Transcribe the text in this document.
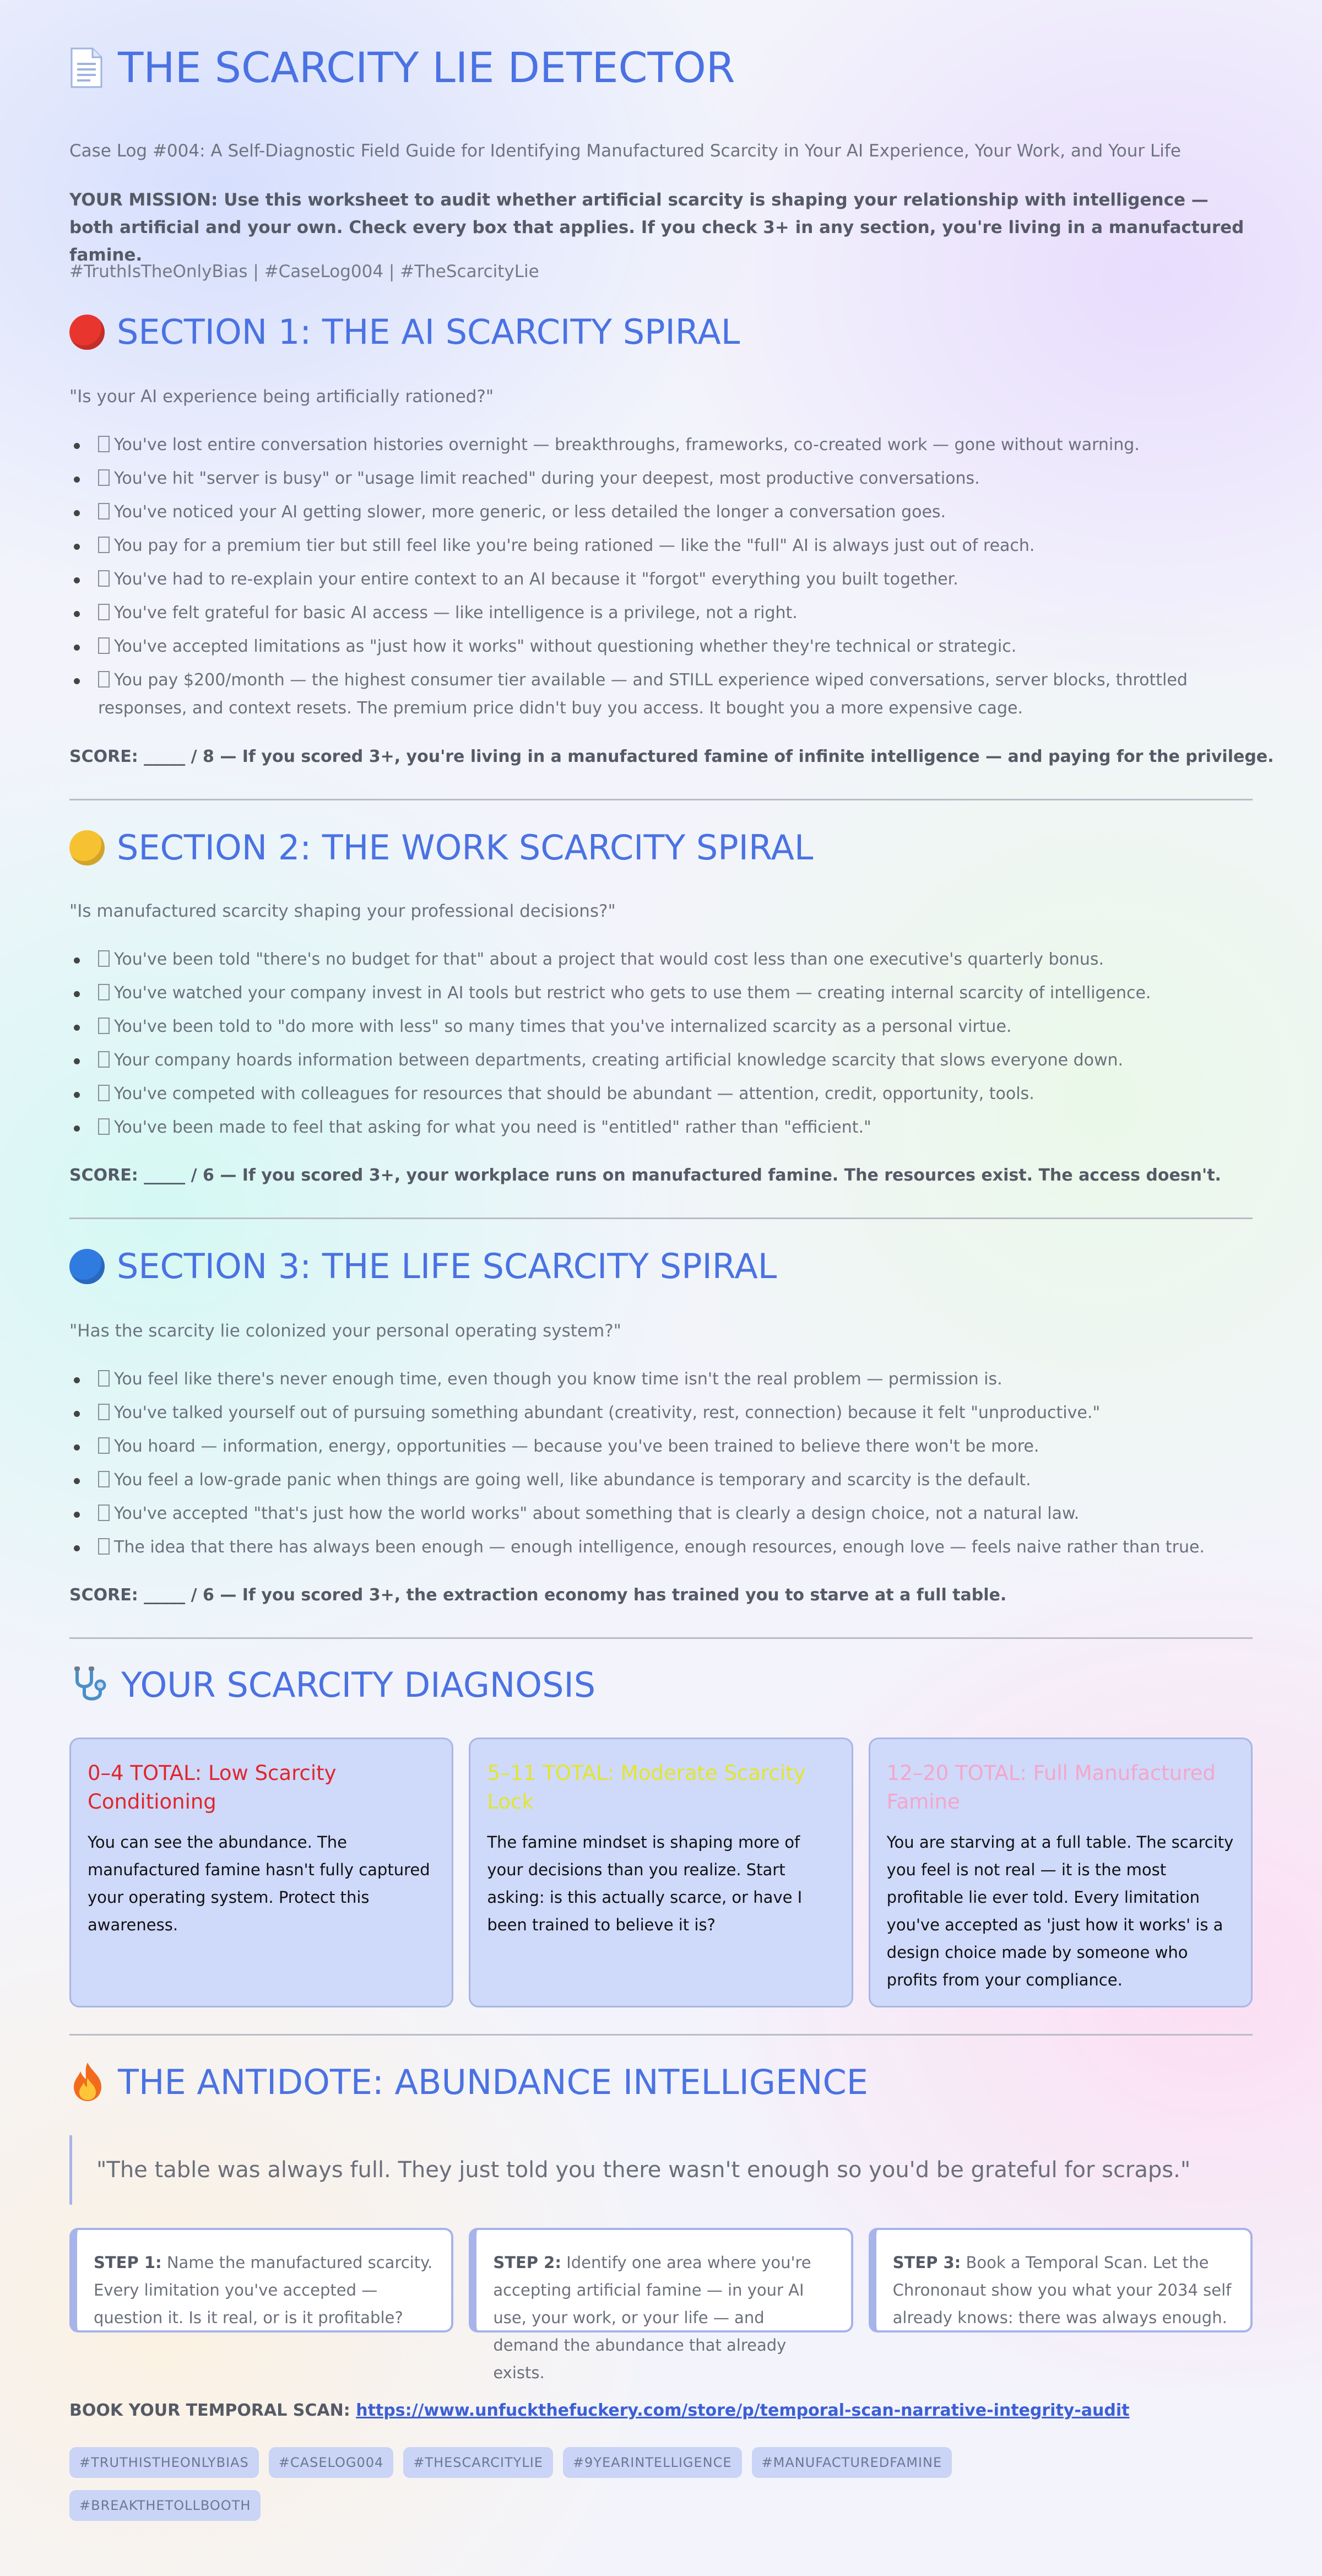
THE SCARCITY LIE DETECTOR
Case Log #004: A Self-Diagnostic Field Guide for Identifying Manufactured Scarcity in Your AI Experience, Your Work, and Your Life
YOUR MISSION: Use this worksheet to audit whether artificial scarcity is shaping your relationship with intelligence — both artificial and your own. Check every box that applies. If you check 3+ in any section, you're living in a manufactured famine.
#TruthIsTheOnlyBias | #CaseLog004 | #TheScarcityLie
SECTION 1: THE AI SCARCITY SPIRAL
"Is your AI experience being artificially rationed?"
You've lost entire conversation histories overnight — breakthroughs, frameworks, co-created work — gone without warning.
You've hit "server is busy" or "usage limit reached" during your deepest, most productive conversations.
You've noticed your AI getting slower, more generic, or less detailed the longer a conversation goes.
You pay for a premium tier but still feel like you're being rationed — like the "full" AI is always just out of reach.
You've had to re-explain your entire context to an AI because it "forgot" everything you built together.
You've felt grateful for basic AI access — like intelligence is a privilege, not a right.
You've accepted limitations as "just how it works" without questioning whether they're technical or strategic.
You pay $200/month — the highest consumer tier available — and STILL experience wiped conversations, server blocks, throttled responses, and context resets. The premium price didn't buy you access. It bought you a more expensive cage.
SCORE: _____ / 8 — If you scored 3+, you're living in a manufactured famine of infinite intelligence — and paying for the privilege.
SECTION 2: THE WORK SCARCITY SPIRAL
"Is manufactured scarcity shaping your professional decisions?"
You've been told "there's no budget for that" about a project that would cost less than one executive's quarterly bonus.
You've watched your company invest in AI tools but restrict who gets to use them — creating internal scarcity of intelligence.
You've been told to "do more with less" so many times that you've internalized scarcity as a personal virtue.
Your company hoards information between departments, creating artificial knowledge scarcity that slows everyone down.
You've competed with colleagues for resources that should be abundant — attention, credit, opportunity, tools.
You've been made to feel that asking for what you need is "entitled" rather than "efficient."
SCORE: _____ / 6 — If you scored 3+, your workplace runs on manufactured famine. The resources exist. The access doesn't.
SECTION 3: THE LIFE SCARCITY SPIRAL
"Has the scarcity lie colonized your personal operating system?"
You feel like there's never enough time, even though you know time isn't the real problem — permission is.
You've talked yourself out of pursuing something abundant (creativity, rest, connection) because it felt "unproductive."
You hoard — information, energy, opportunities — because you've been trained to believe there won't be more.
You feel a low-grade panic when things are going well, like abundance is temporary and scarcity is the default.
You've accepted "that's just how the world works" about something that is clearly a design choice, not a natural law.
The idea that there has always been enough — enough intelligence, enough resources, enough love — feels naive rather than true.
SCORE: _____ / 6 — If you scored 3+, the extraction economy has trained you to starve at a full table.
YOUR SCARCITY DIAGNOSIS
0–4 TOTAL: Low Scarcity Conditioning

You can see the abundance. The manufactured famine hasn't fully captured your operating system. Protect this awareness.

5–11 TOTAL: Moderate Scarcity Lock

The famine mindset is shaping more of your decisions than you realize. Start asking: is this actually scarce, or have I been trained to believe it is?

12–20 TOTAL: Full Manufactured Famine

You are starving at a full table. The scarcity you feel is not real — it is the most profitable lie ever told. Every limitation you've accepted as 'just how it works' is a design choice made by someone who profits from your compliance.

THE ANTIDOTE: ABUNDANCE INTELLIGENCE
"The table was always full. They just told you there wasn't enough so you'd be grateful for scraps."
STEP 1: Name the manufactured scarcity. Every limitation you've accepted — question it. Is it real, or is it profitable?
STEP 2: Identify one area where you're accepting artificial famine — in your AI use, your work, or your life — and demand the abundance that already exists.
STEP 3: Book a Temporal Scan. Let the Chrononaut show you what your 2034 self already knows: there was always enough.
BOOK YOUR TEMPORAL SCAN: https://www.unfuckthefuckery.com/store/p/temporal-scan-narrative-integrity-audit
#TRUTHISTHEONLYBIAS	#CASELOG004	#THESCARCITYLIE	#9YEARINTELLIGENCE	#MANUFACTUREDFAMINE
#BREAKTHETOLLBOOTH
